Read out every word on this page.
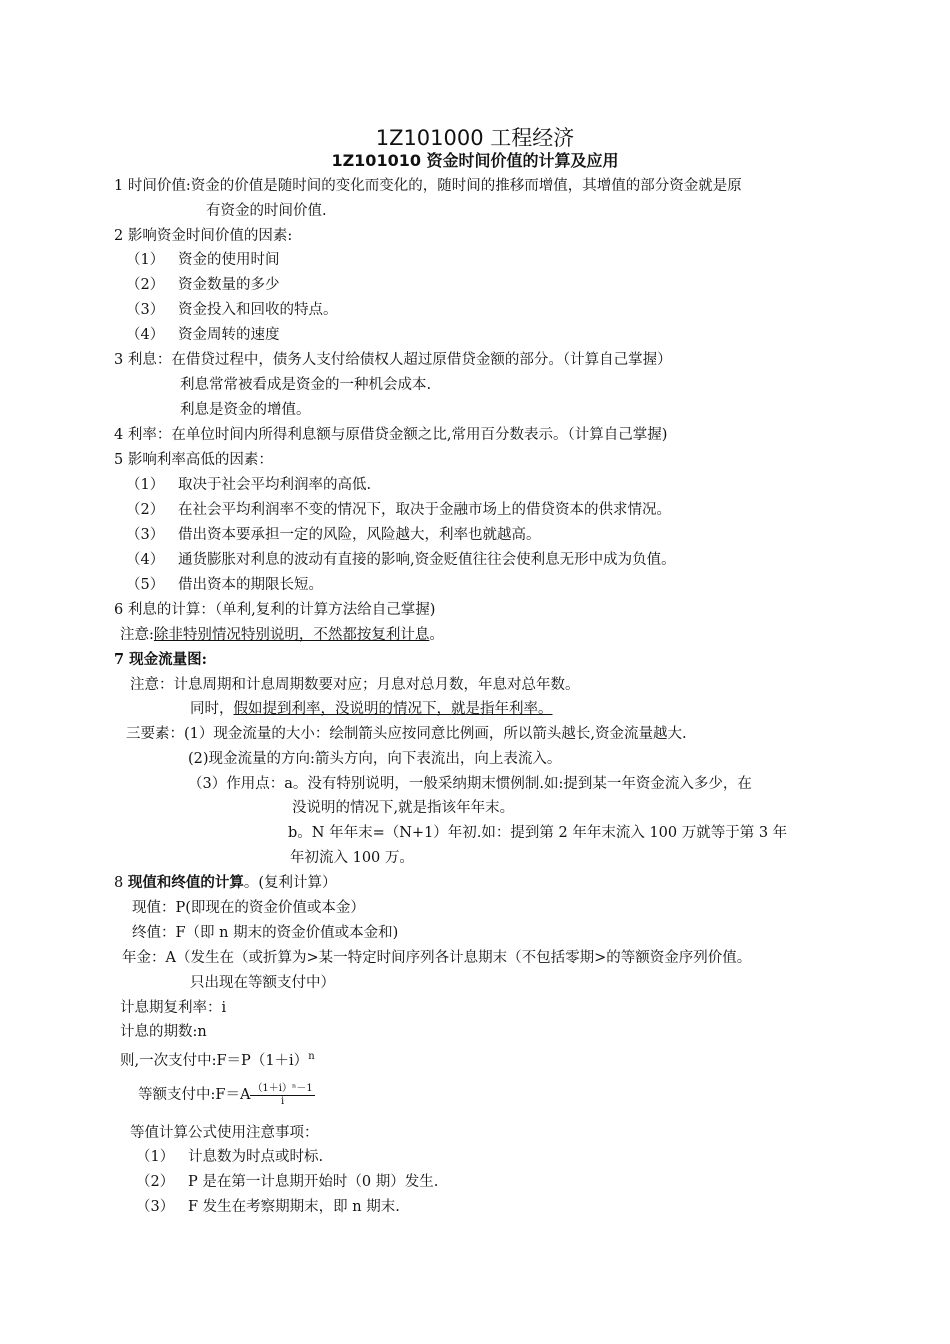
1Z101000 工程经济
1Z101010 资金时间价值的计算及应用
1 时间价值:资金的价值是随时间的变化而变化的，随时间的推移而增值，其增值的部分资金就是原
有资金的时间价值.
2 影响资金时间价值的因素:
（1） 资金的使用时间
（2） 资金数量的多少
（3） 资金投入和回收的特点。
（4） 资金周转的速度
3 利息：在借贷过程中，债务人支付给债权人超过原借贷金额的部分。（计算自己掌握）
利息常常被看成是资金的一种机会成本.
利息是资金的增值。
4 利率：在单位时间内所得利息额与原借贷金额之比,常用百分数表示。（计算自己掌握)
5 影响利率高低的因素：
（1） 取决于社会平均利润率的高低.
（2） 在社会平均利润率不变的情况下，取决于金融市场上的借贷资本的供求情况。
（3） 借出资本要承担一定的风险，风险越大，利率也就越高。
（4） 通货膨胀对利息的波动有直接的影响,资金贬值往往会使利息无形中成为负值。
（5） 借出资本的期限长短。
6 利息的计算：（单利,复利的计算方法给自己掌握)
注意:除非特别情况特别说明，不然都按复利计息。
7 现金流量图:
注意：计息周期和计息周期数要对应；月息对总月数，年息对总年数。
同时，假如提到利率，没说明的情况下，就是指年利率。
三要素：(1）现金流量的大小：绘制箭头应按同意比例画，所以箭头越长,资金流量越大.
(2)现金流量的方向:箭头方向，向下表流出，向上表流入。
（3）作用点：a。没有特别说明，一般采纳期末惯例制.如:提到某一年资金流入多少，在
没说明的情况下,就是指该年年末。
b。N 年年末=（N+1）年初.如：提到第 2 年年末流入 100 万就等于第 3 年
年初流入 100 万。
8 现值和终值的计算。(复利计算）
现值：P(即现在的资金价值或本金）
终值：F（即 n 期末的资金价值或本金和)
年金：A（发生在（或折算为>某一特定时间序列各计息期末（不包括零期>的等额资金序列价值。
只出现在等额支付中）
计息期复利率：i
计息的期数:n
则,一次支付中$:F=P(1+i)^n$
等额支付中:F＝A $\frac{\text{（1＋i）ⁿ－1}}{i}$
等值计算公式使用注意事项：
（1） 计息数为时点或时标.
（2） P 是在第一计息期开始时（0 期）发生.
（3） F 发生在考察期期末，即 n 期末.
